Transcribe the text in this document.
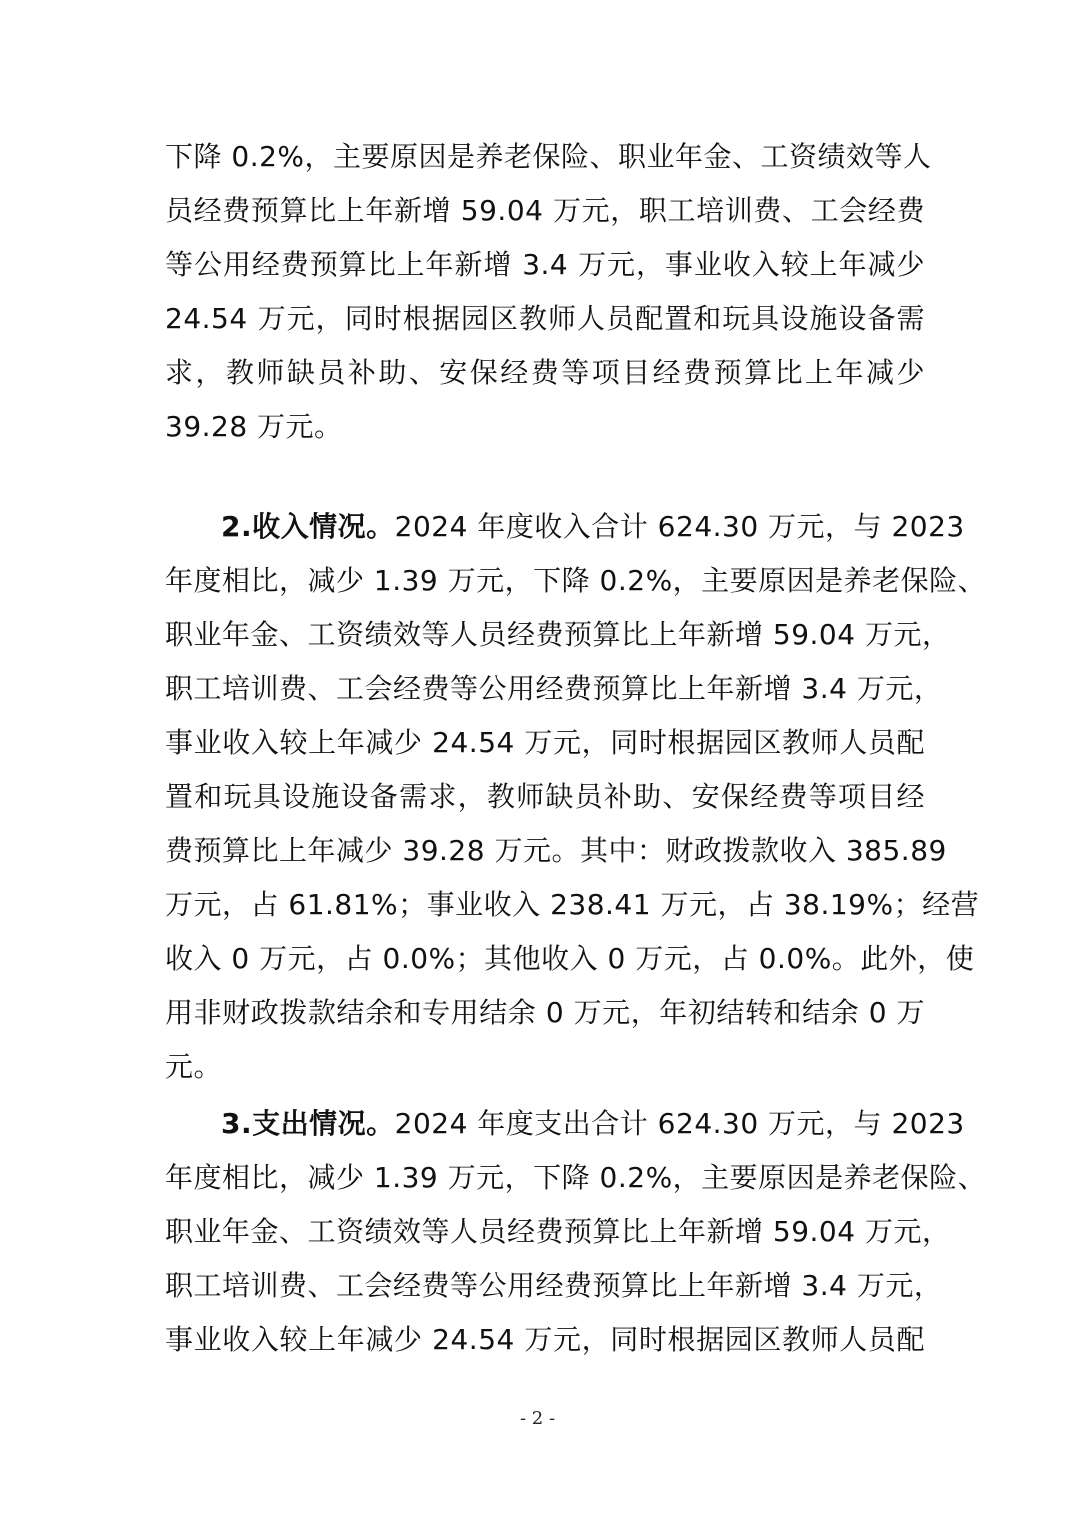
下降 0.2%，主要原因是养老保险、职业年金、工资绩效等人
员经费预算比上年新增 59.04 万元，职工培训费、工会经费
等公用经费预算比上年新增 3.4 万元，事业收入较上年减少
24.54 万元，同时根据园区教师人员配置和玩具设施设备需
求，教师缺员补助、安保经费等项目经费预算比上年减少
39.28 万元。
2.收入情况。2024 年度收入合计 624.30 万元，与 2023
年度相比，减少 1.39 万元，下降 0.2%，主要原因是养老保险、
职业年金、工资绩效等人员经费预算比上年新增 59.04 万元，
职工培训费、工会经费等公用经费预算比上年新增 3.4 万元，
事业收入较上年减少 24.54 万元，同时根据园区教师人员配
置和玩具设施设备需求，教师缺员补助、安保经费等项目经
费预算比上年减少 39.28 万元。其中：财政拨款收入 385.89
万元，占 61.81%；事业收入 238.41 万元，占 38.19%；经营
收入 0 万元，占 0.0%；其他收入 0 万元，占 0.0%。此外，使
用非财政拨款结余和专用结余 0 万元，年初结转和结余 0 万
元。
3.支出情况。2024 年度支出合计 624.30 万元，与 2023
年度相比，减少 1.39 万元，下降 0.2%，主要原因是养老保险、
职业年金、工资绩效等人员经费预算比上年新增 59.04 万元，
职工培训费、工会经费等公用经费预算比上年新增 3.4 万元，
事业收入较上年减少 24.54 万元，同时根据园区教师人员配
- 2 -
